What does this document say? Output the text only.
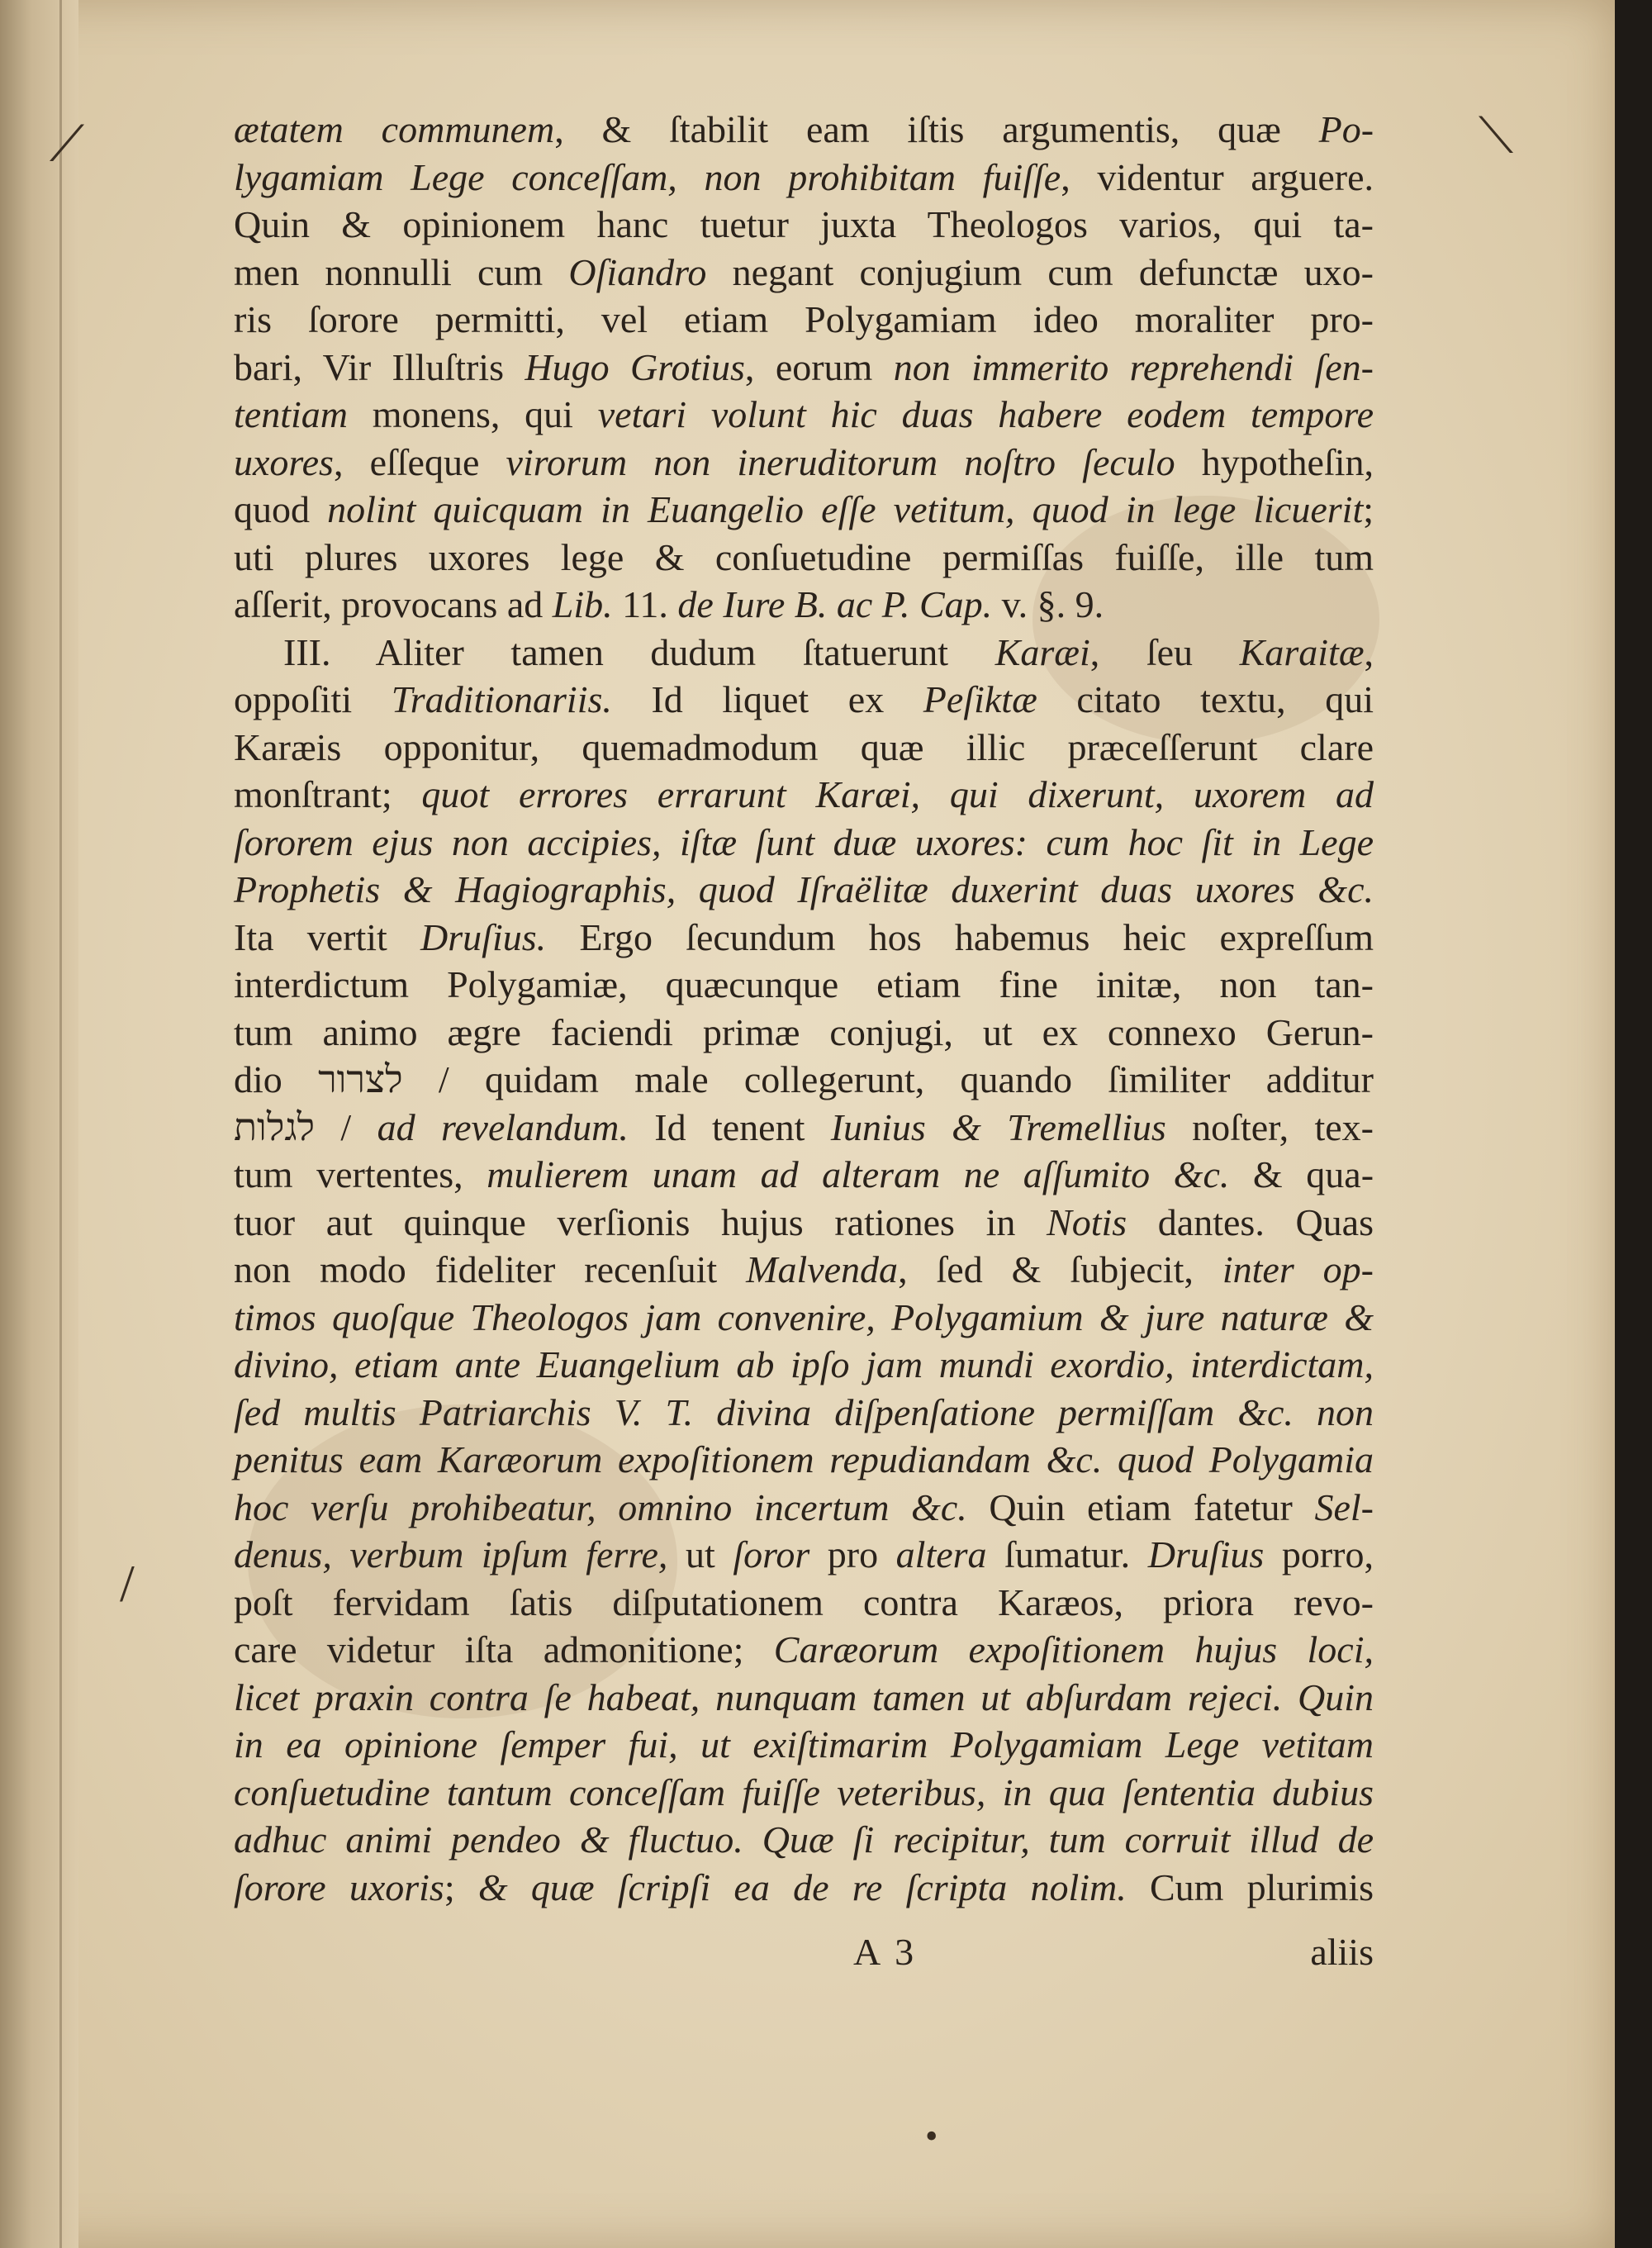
⟋	⟍
/
•
ætatem communem, & ſtabilit eam iſtis argumentis, quæ Po-
lygamiam Lege conceſſam, non prohibitam fuiſſe, videntur arguere.
Quin & opinionem hanc tuetur juxta Theologos varios, qui ta-
men nonnulli cum Oſiandro negant conjugium cum defunctæ uxo-
ris ſorore permitti, vel etiam Polygamiam ideo moraliter pro-
bari, Vir Illuſtris Hugo Grotius, eorum non immerito reprehendi ſen-
tentiam monens, qui vetari volunt hic duas habere eodem tempore
uxores, eſſeque virorum non ineruditorum noſtro ſeculo hypotheſin,
quod nolint quicquam in Euangelio eſſe vetitum, quod in lege licuerit;
uti plures uxores lege & conſuetudine permiſſas fuiſſe, ille tum
aſſerit, provocans ad Lib. 11. de Iure B. ac P. Cap. v. §. 9.
III. Aliter tamen dudum ſtatuerunt Karæi, ſeu Karaitæ,
oppoſiti Traditionariis. Id liquet ex Peſiktæ citato textu, qui
Karæis opponitur, quemadmodum quæ illic præceſſerunt clare
monſtrant; quot errores errarunt Karæi, qui dixerunt, uxorem ad
ſororem ejus non accipies, iſtæ ſunt duæ uxores: cum hoc ſit in Lege
Prophetis & Hagiographis, quod Iſraëlitæ duxerint duas uxores &c.
Ita vertit Druſius. Ergo ſecundum hos habemus heic expreſſum
interdictum Polygamiæ, quæcunque etiam fine initæ, non tan-
tum animo ægre faciendi primæ conjugi, ut ex connexo Gerun-
dio לצרור / quidam male collegerunt, quando ſimiliter additur
לגלות / ad revelandum. Id tenent Iunius & Tremellius noſter, tex-
tum vertentes, mulierem unam ad alteram ne aſſumito &c. & qua-
tuor aut quinque verſionis hujus rationes in Notis dantes. Quas
non modo fideliter recenſuit Malvenda, ſed & ſubjecit, inter op-
timos quoſque Theologos jam convenire, Polygamium & jure naturæ &
divino, etiam ante Euangelium ab ipſo jam mundi exordio, interdictam,
ſed multis Patriarchis V. T. divina diſpenſatione permiſſam &c. non
penitus eam Karæorum expoſitionem repudiandam &c. quod Polygamia
hoc verſu prohibeatur, omnino incertum &c. Quin etiam fatetur Sel-
denus, verbum ipſum ferre, ut ſoror pro altera ſumatur. Druſius porro,
poſt fervidam ſatis diſputationem contra Karæos, priora revo-
care videtur iſta admonitione; Caræorum expoſitionem hujus loci,
licet praxin contra ſe habeat, nunquam tamen ut abſurdam rejeci. Quin
in ea opinione ſemper fui, ut exiſtimarim Polygamiam Lege vetitam
conſuetudine tantum conceſſam fuiſſe veteribus, in qua ſententia dubius
adhuc animi pendeo & fluctuo. Quæ ſi recipitur, tum corruit illud de
ſorore uxoris; & quæ ſcripſi ea de re ſcripta nolim. Cum plurimis
A 3	aliis
